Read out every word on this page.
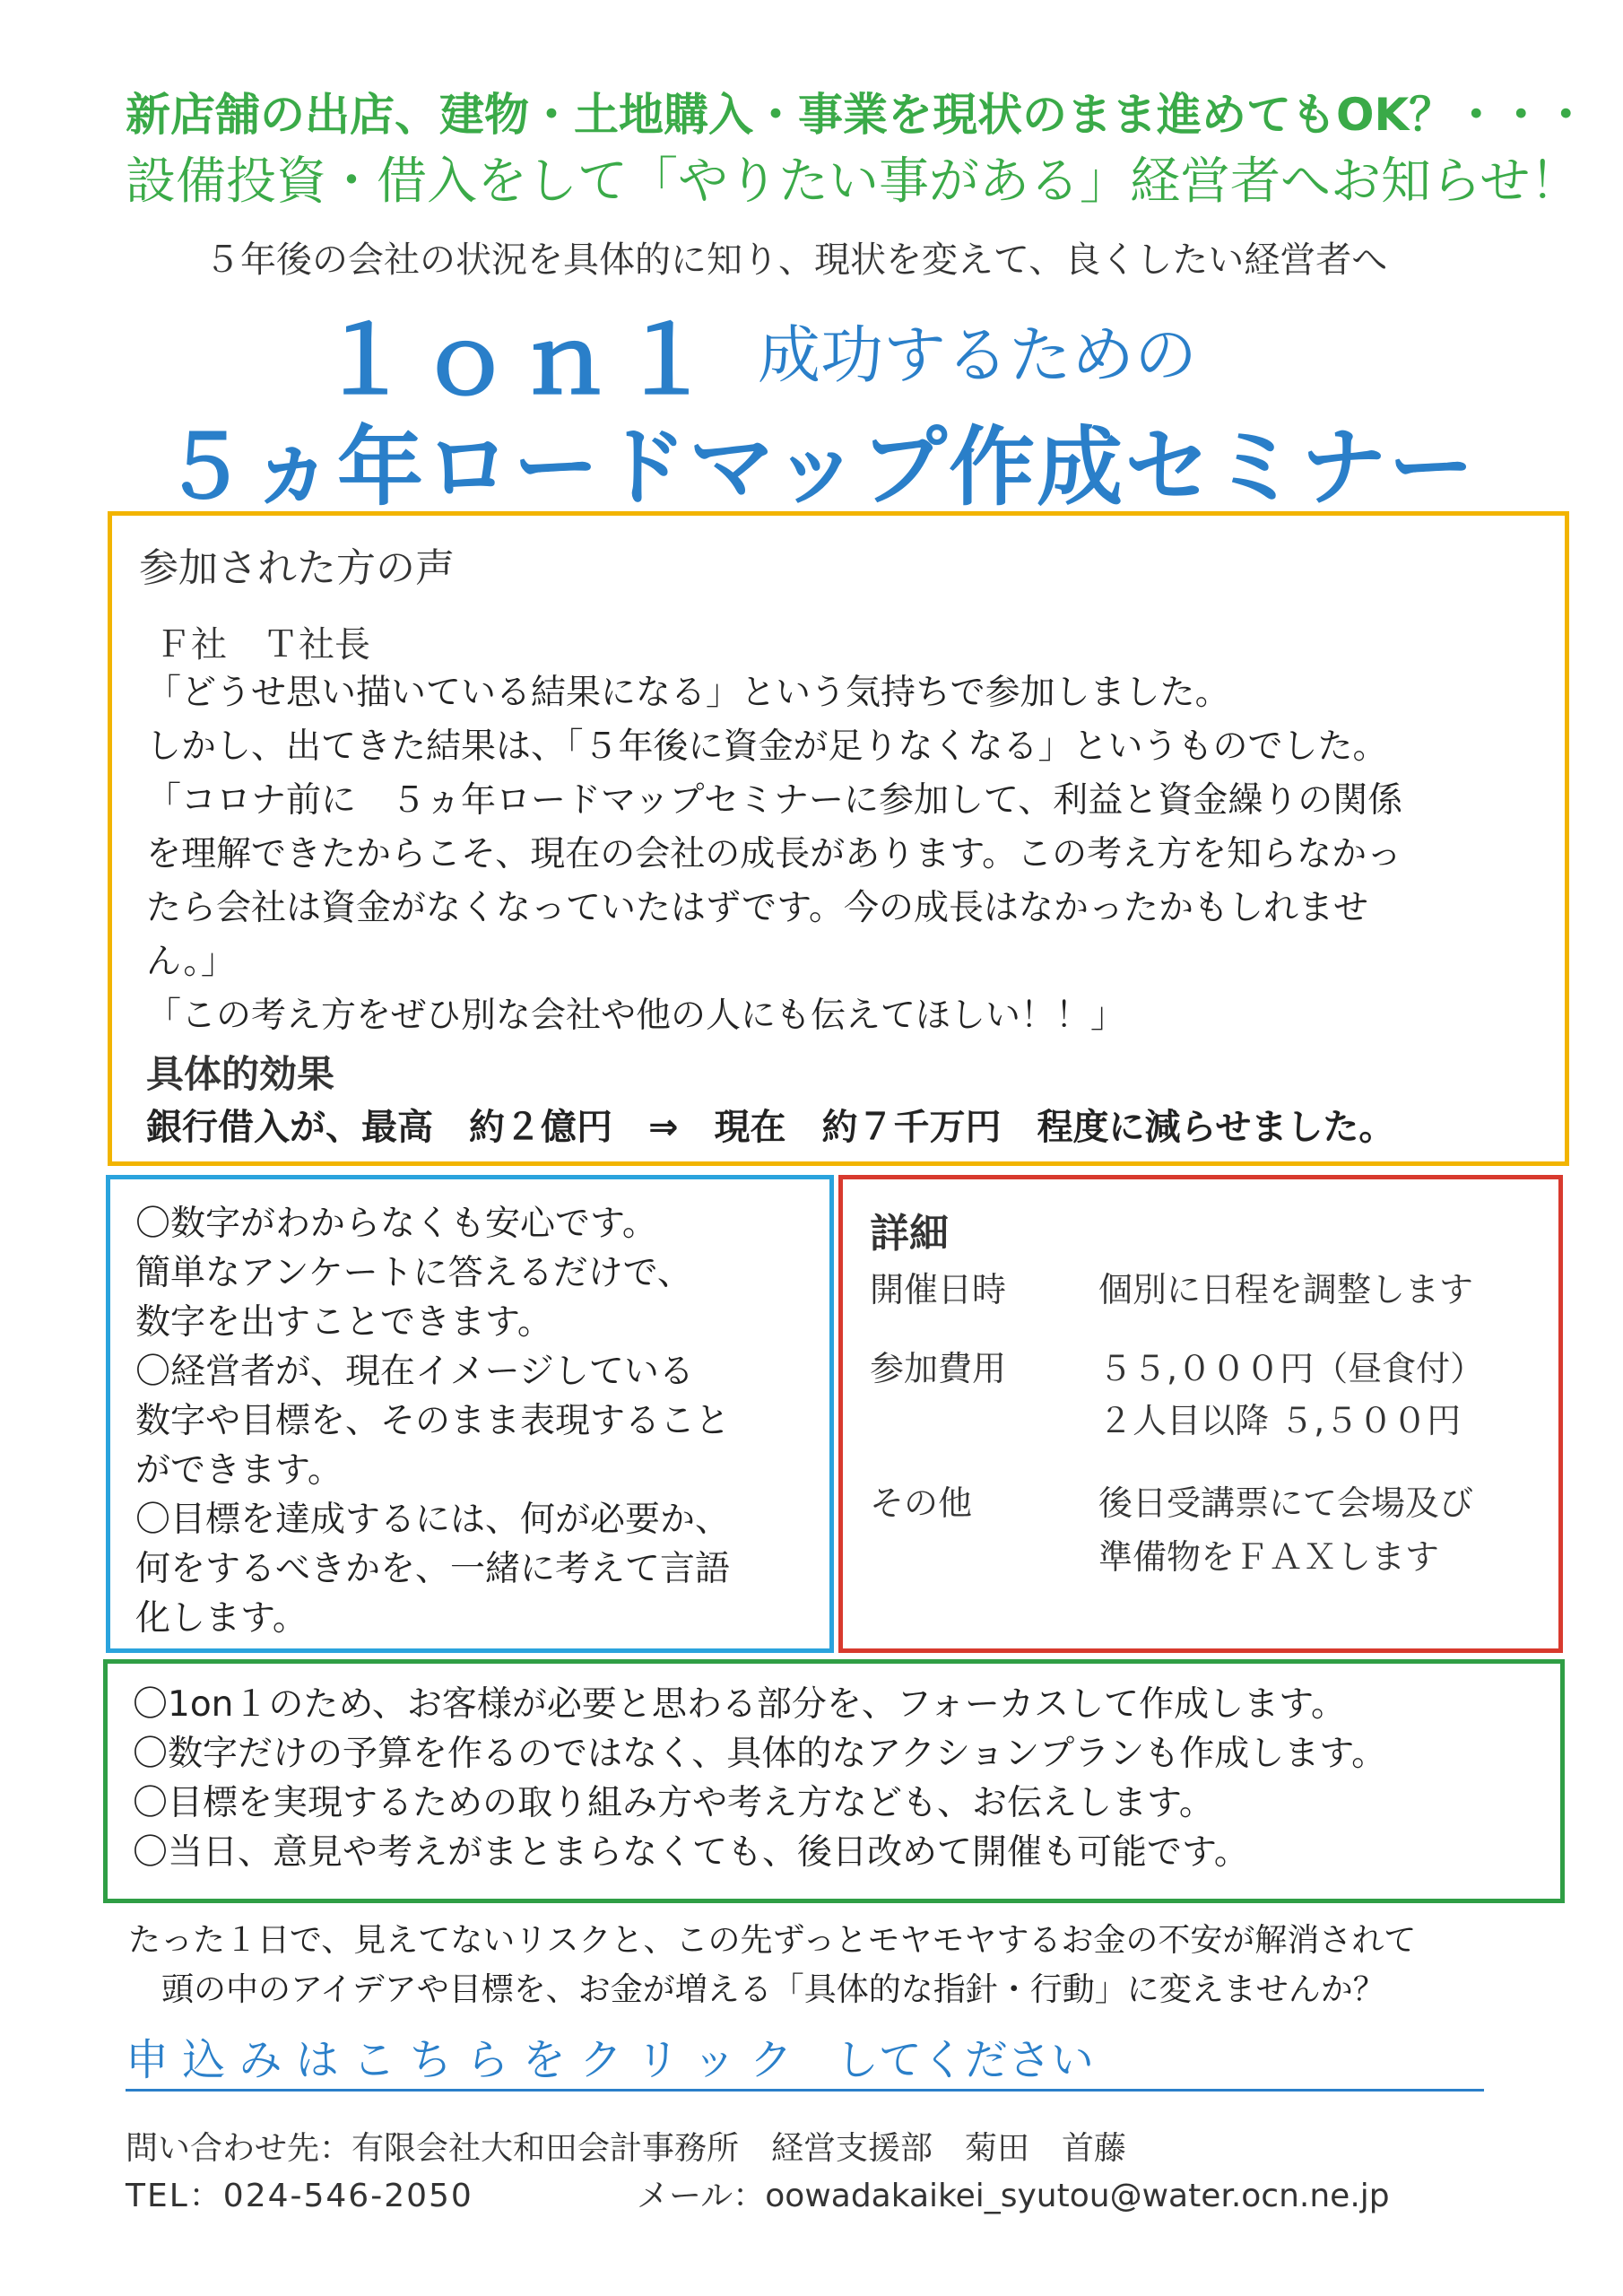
新店舗の出店、建物・土地購入・事業を現状のまま進めてもOK？・・・
設備投資・借入をして「やりたい事がある」経営者へお知らせ！
５年後の会社の状況を具体的に知り、現状を変えて、良くしたい経営者へ
１ｏｎ１ 成功するための
５ヵ年ロードマップ作成セミナー
参加された方の声
Ｆ社　Ｔ社長

「どうせ思い描いている結果になる」という気持ちで参加しました。

しかし、出てきた結果は、「５年後に資金が足りなくなる」というものでした。

「コロナ前に　５ヵ年ロードマップセミナーに参加して、利益と資金繰りの関係

を理解できたからこそ、現在の会社の成長があります。この考え方を知らなかっ

たら会社は資金がなくなっていたはずです。今の成長はなかったかもしれませ

ん。」

「この考え方をぜひ別な会社や他の人にも伝えてほしい！！」

具体的効果
銀行借入が、最高　約２億円　⇒　現在　約７千万円　程度に減らせました。

〇数字がわからなくも安心です。

簡単なアンケートに答えるだけで、

数字を出すことできます。

〇経営者が、現在イメージしている

数字や目標を、そのまま表現すること

ができます。

〇目標を達成するには、何が必要か、

何をするべきかを、一緒に考えて言語

化します。

詳細
開催日時	個別に日程を調整します
参加費用	５５,０００円（昼食付）
２人目以降 ５,５００円
その他	後日受講票にて会場及び
準備物をＦＡＸします

〇1on１のため、お客様が必要と思わる部分を、フォーカスして作成します。

〇数字だけの予算を作るのではなく、具体的なアクションプランも作成します。

〇目標を実現するための取り組み方や考え方なども、お伝えします。

〇当日、意見や考えがまとまらなくても、後日改めて開催も可能です。

たった１日で、見えてないリスクと、この先ずっとモヤモヤするお金の不安が解消されて
頭の中のアイデアや目標を、お金が増える「具体的な指針・行動」に変えませんか？
申 込 み は こ ち ら を ク リ ッ ク　してください
問い合わせ先：有限会社大和田会計事務所　経営支援部　菊田　首藤
TEL：024-546-2050	メール：oowadakaikei_syutou@water.ocn.ne.jp
